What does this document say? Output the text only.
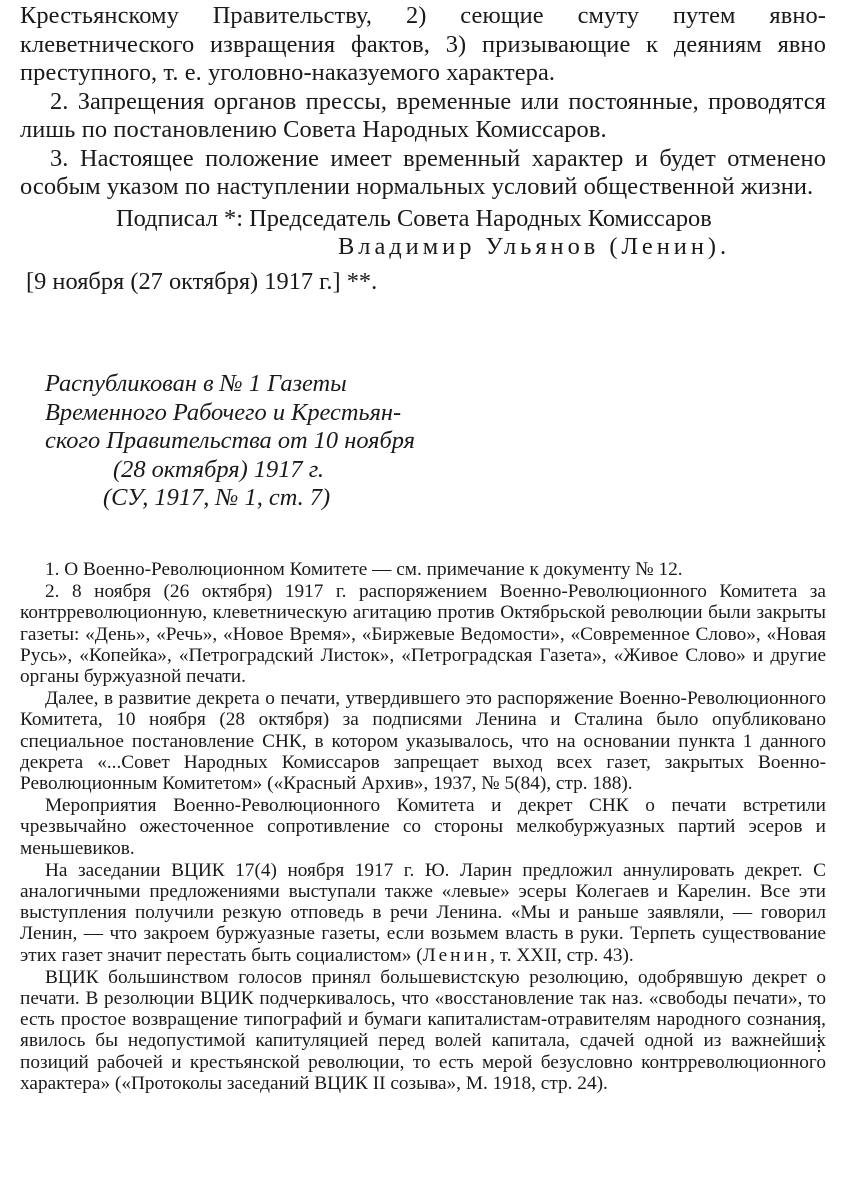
Крестьянскому Правительству, 2) сеющие смуту путем явно-клеветнического извращения фактов, 3) призывающие к деяниям явно преступного, т. е. уголовно-наказуемого характера.

2. Запрещения органов прессы, временные или постоянные, проводятся лишь по постановлению Совета Народных Комиссаров.

3. Настоящее положение имеет временный характер и будет отменено особым указом по наступлении нормальных условий общественной жизни.

Подписал *: Председатель Совета Народных Комиссаров

Владимир Ульянов (Ленин).

[9 ноября (27 октября) 1917 г.] **.

Распубликован в № 1 Газеты
Временного Рабочего и Крестьян-
ского Правительства от 10 ноября
(28 октября) 1917 г.
(СУ, 1917, № 1, ст. 7)

1. О Военно-Революционном Комитете — см. примечание к документу № 12.

2. 8 ноября (26 октября) 1917 г. распоряжением Военно-Революционного Комитета за контрреволюционную, клеветническую агитацию против Октябрьской революции были закрыты газеты: «День», «Речь», «Новое Время», «Биржевые Ведомости», «Современное Слово», «Новая Русь», «Копейка», «Петроградский Листок», «Петроградская Газета», «Живое Слово» и другие органы буржуазной печати.

Далее, в развитие декрета о печати, утвердившего это распоряжение Военно-Революционного Комитета, 10 ноября (28 октября) за подписями Ленина и Сталина было опубликовано специальное постановление СНК, в котором указывалось, что на основании пункта 1 данного декрета «...Совет Народных Комиссаров запрещает выход всех газет, закрытых Военно-Революционным Комитетом» («Красный Архив», 1937, № 5(84), стр. 188).

Мероприятия Военно-Революционного Комитета и декрет СНК о печати встретили чрезвычайно ожесточенное сопротивление со стороны мелкобуржуазных партий эсеров и меньшевиков.

На заседании ВЦИК 17(4) ноября 1917 г. Ю. Ларин предложил аннулировать декрет. С аналогичными предложениями выступали также «левые» эсеры Колегаев и Карелин. Все эти выступления получили резкую отповедь в речи Ленина. «Мы и раньше заявляли, — говорил Ленин, — что закроем буржуазные газеты, если возьмем власть в руки. Терпеть существование этих газет значит перестать быть социалистом» (Ленин, т. XXII, стр. 43).

ВЦИК большинством голосов принял большевистскую резолюцию, одобрявшую декрет о печати. В резолюции ВЦИК подчеркивалось, что «восстановление так наз. «свободы печати», то есть простое возвращение типографий и бумаги капиталистам-отравителям народного сознания, явилось бы недопустимой капитуляцией перед волей капитала, сдачей одной из важнейших позиций рабочей и крестьянской революции, то есть мерой безусловно контрреволюционного характера» («Протоколы заседаний ВЦИК II созыва», М. 1918, стр. 24).
